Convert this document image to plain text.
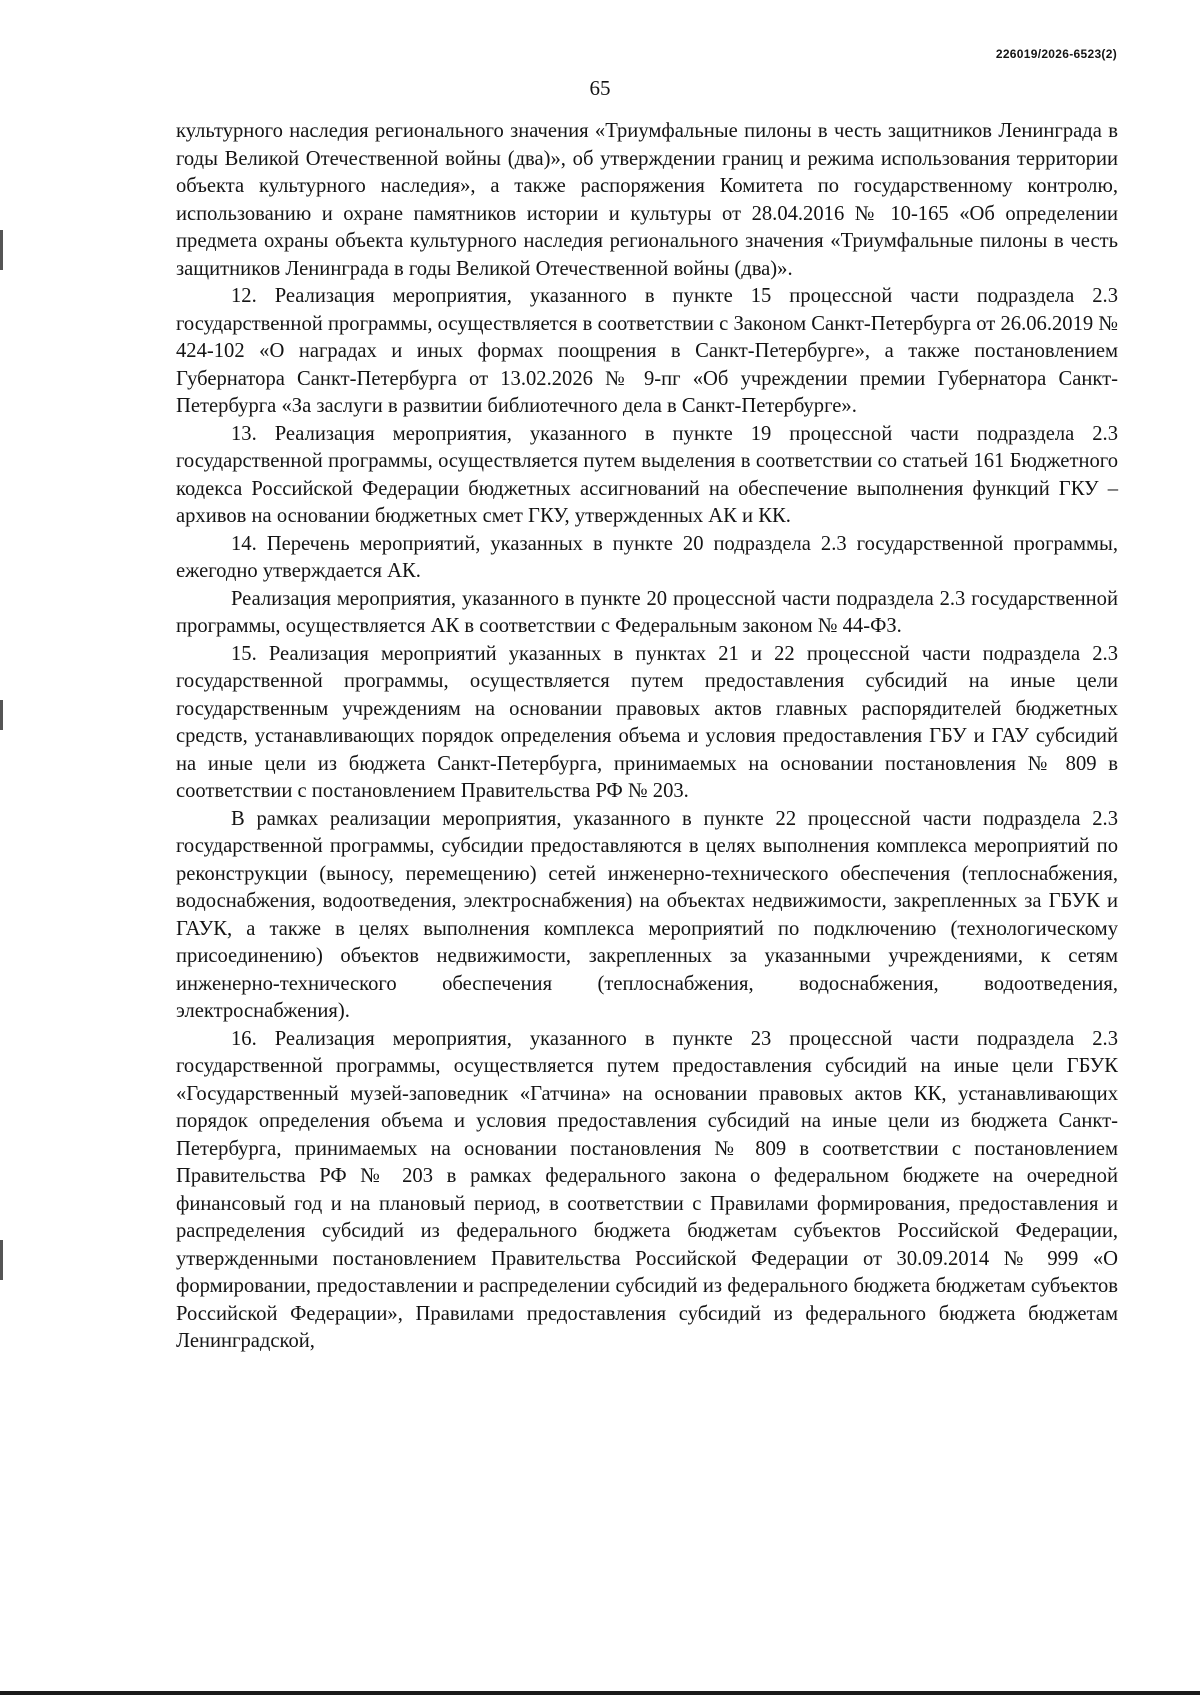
226019/2026-6523(2)
65

культурного наследия регионального значения «Триумфальные пилоны в честь защитников Ленинграда в годы Великой Отечественной войны (два)», об утверждении границ и режима использования территории объекта культурного наследия», а также распоряжения Комитета по государственному контролю, использованию и охране памятников истории и культуры от 28.04.2016 № 10-165 «Об определении предмета охраны объекта культурного наследия регионального значения «Триумфальные пилоны в честь защитников Ленинграда в годы Великой Отечественной войны (два)».

12. Реализация мероприятия, указанного в пункте 15 процессной части подраздела 2.3 государственной программы, осуществляется в соответствии с Законом Санкт-Петербурга от 26.06.2019 № 424-102 «О наградах и иных формах поощрения в Санкт-Петербурге», а также постановлением Губернатора Санкт-Петербурга от 13.02.2026 № 9-пг «Об учреждении премии Губернатора Санкт-Петербурга «За заслуги в развитии библиотечного дела в Санкт-Петербурге».

13. Реализация мероприятия, указанного в пункте 19 процессной части подраздела 2.3 государственной программы, осуществляется путем выделения в соответствии со статьей 161 Бюджетного кодекса Российской Федерации бюджетных ассигнований на обеспечение выполнения функций ГКУ – архивов на основании бюджетных смет ГКУ, утвержденных АК и КК.

14. Перечень мероприятий, указанных в пункте 20 подраздела 2.3 государственной программы, ежегодно утверждается АК.

Реализация мероприятия, указанного в пункте 20 процессной части подраздела 2.3 государственной программы, осуществляется АК в соответствии с Федеральным законом № 44-ФЗ.

15. Реализация мероприятий указанных в пунктах 21 и 22 процессной части подраздела 2.3 государственной программы, осуществляется путем предоставления субсидий на иные цели государственным учреждениям на основании правовых актов главных распорядителей бюджетных средств, устанавливающих порядок определения объема и условия предоставления ГБУ и ГАУ субсидий на иные цели из бюджета Санкт-Петербурга, принимаемых на основании постановления № 809 в соответствии с постановлением Правительства РФ № 203.

В рамках реализации мероприятия, указанного в пункте 22 процессной части подраздела 2.3 государственной программы, субсидии предоставляются в целях выполнения комплекса мероприятий по реконструкции (выносу, перемещению) сетей инженерно-технического обеспечения (теплоснабжения, водоснабжения, водоотведения, электроснабжения) на объектах недвижимости, закрепленных за ГБУК и ГАУК, а также в целях выполнения комплекса мероприятий по подключению (технологическому присоединению) объектов недвижимости, закрепленных за указанными учреждениями, к сетям инженерно-технического обеспечения (теплоснабжения, водоснабжения, водоотведения, электроснабжения).

16. Реализация мероприятия, указанного в пункте 23 процессной части подраздела 2.3 государственной программы, осуществляется путем предоставления субсидий на иные цели ГБУК «Государственный музей-заповедник «Гатчина» на основании правовых актов КК, устанавливающих порядок определения объема и условия предоставления субсидий на иные цели из бюджета Санкт-Петербурга, принимаемых на основании постановления № 809 в соответствии с постановлением Правительства РФ № 203 в рамках федерального закона о федеральном бюджете на очередной финансовый год и на плановый период, в соответствии с Правилами формирования, предоставления и распределения субсидий из федерального бюджета бюджетам субъектов Российской Федерации, утвержденными постановлением Правительства Российской Федерации от 30.09.2014 № 999 «О формировании, предоставлении и распределении субсидий из федерального бюджета бюджетам субъектов Российской Федерации», Правилами предоставления субсидий из федерального бюджета бюджетам Ленинградской,
